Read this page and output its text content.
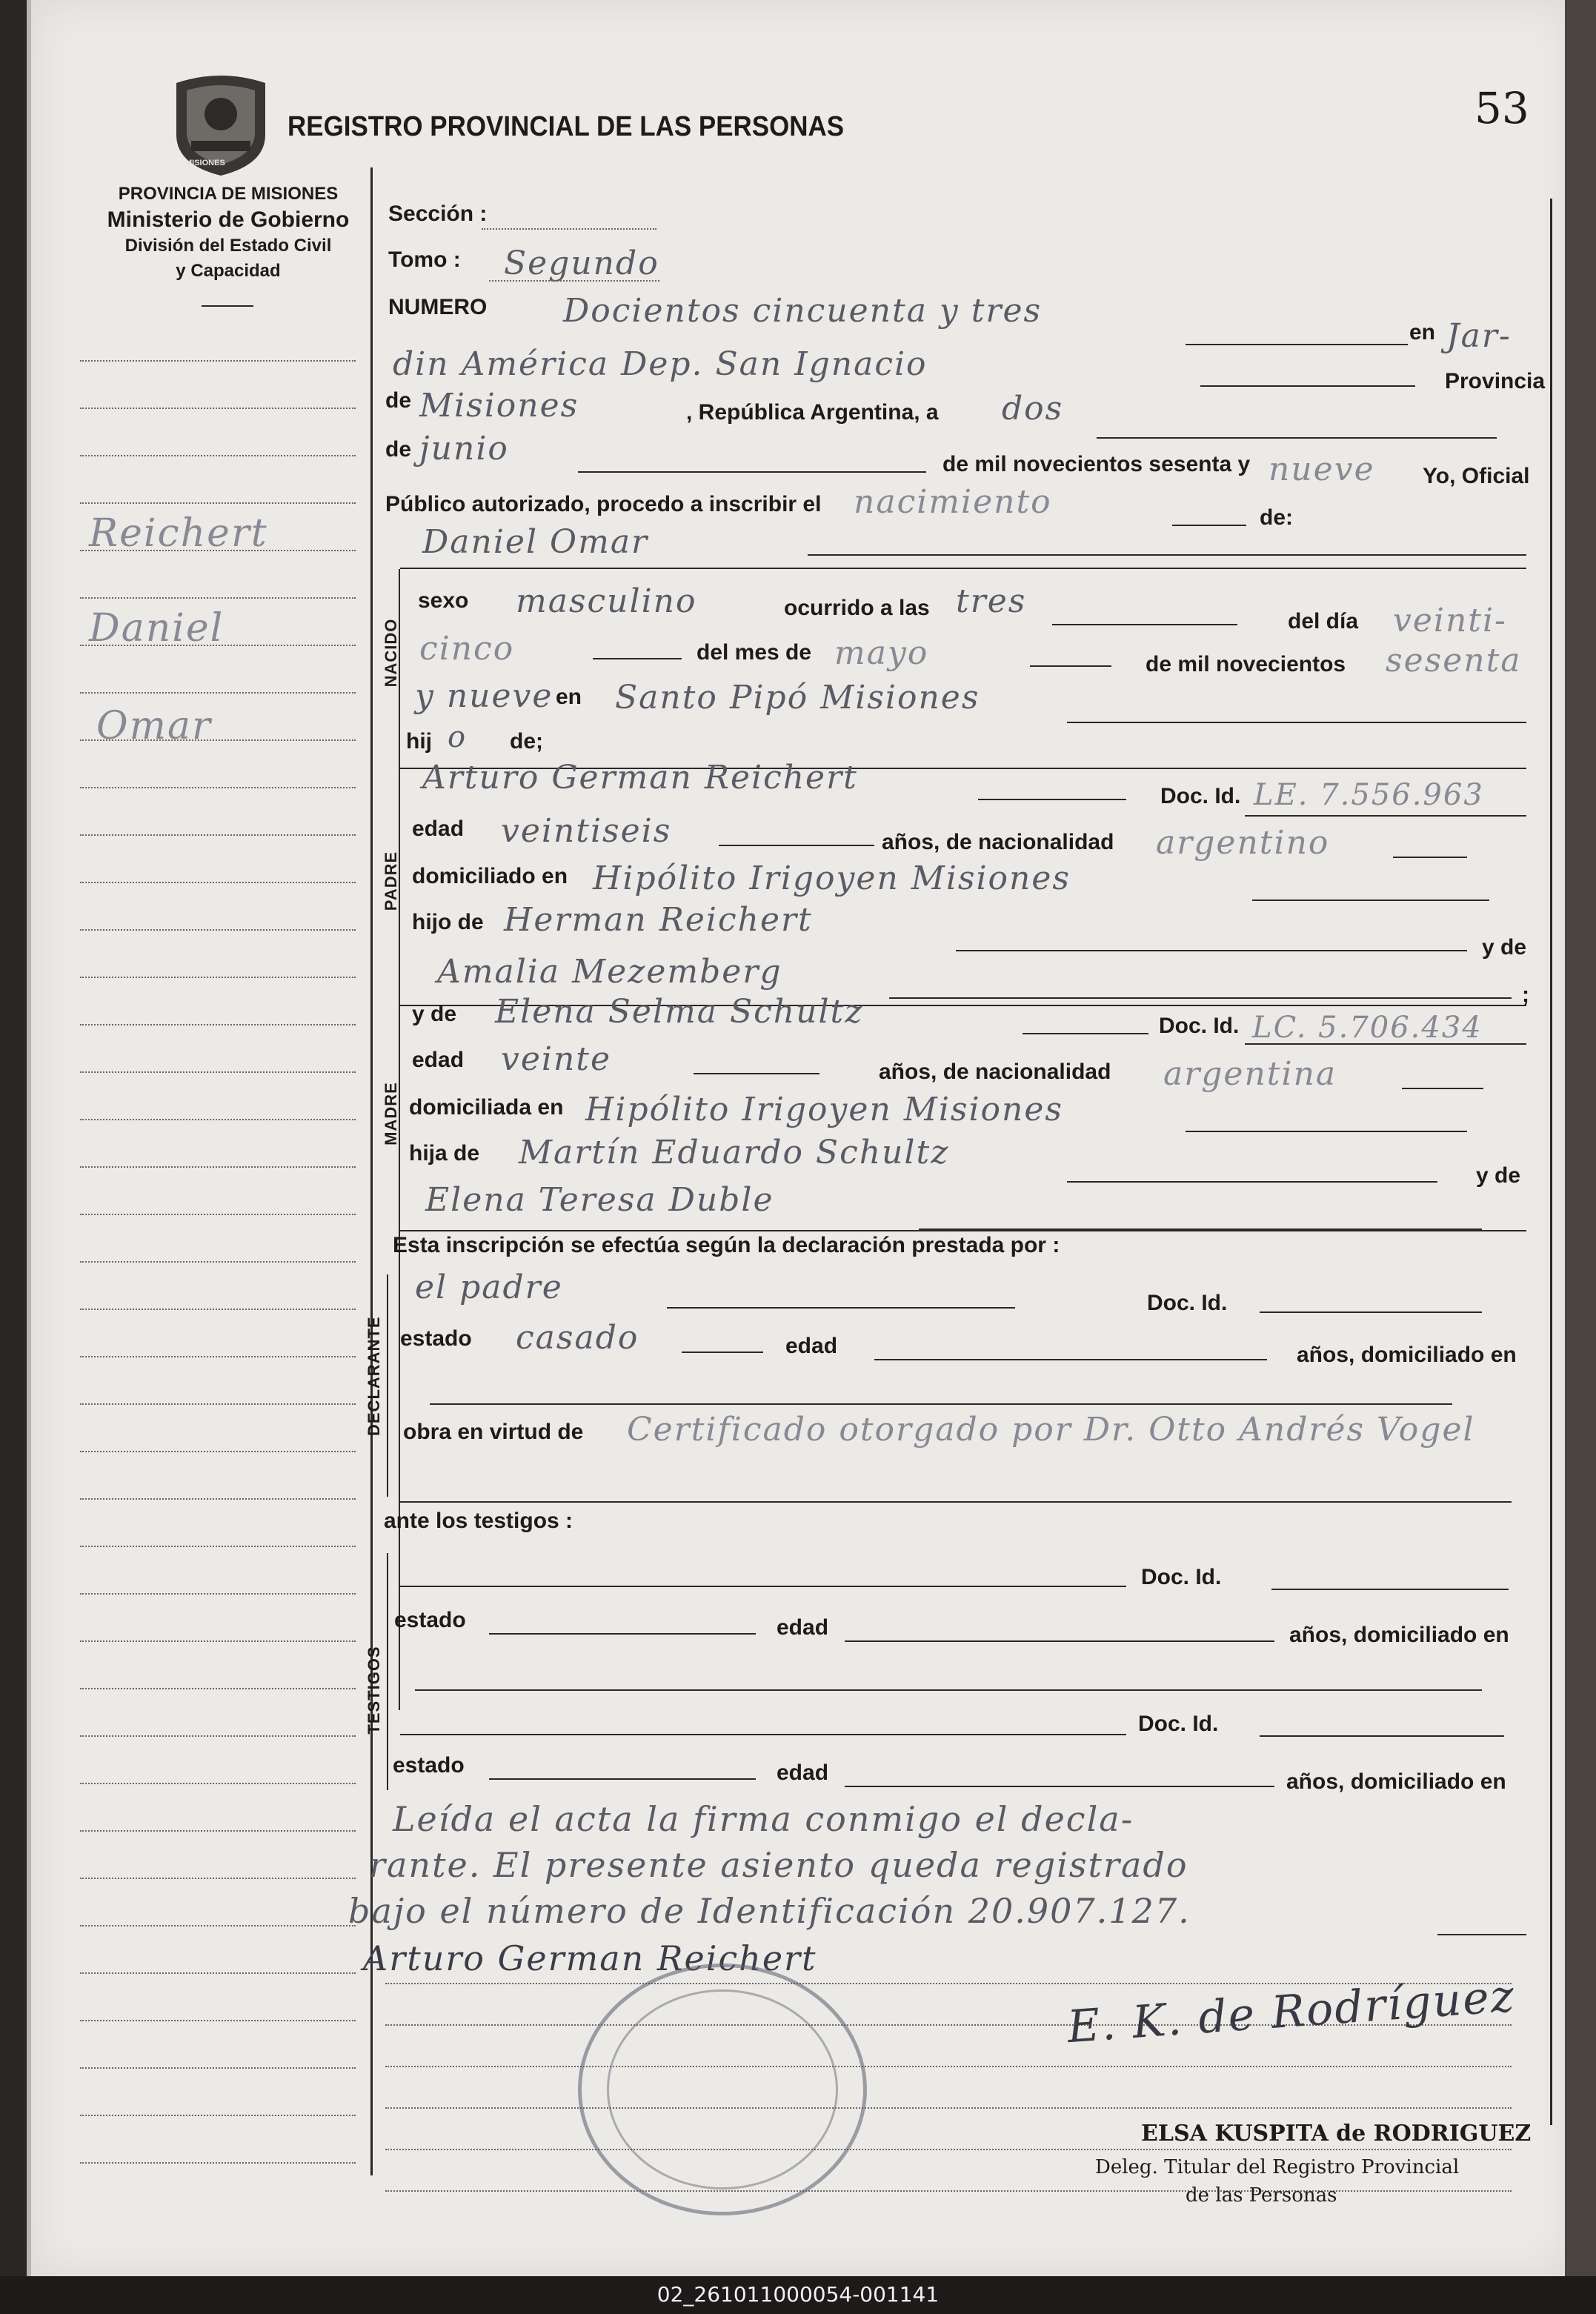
MISIONES
REGISTRO PROVINCIAL DE LAS PERSONAS	53
PROVINCIA DE MISIONES
Ministerio de Gobierno
División del Estado Civil
y Capacidad
Reichert
Daniel
Omar
Sección :
Tomo : Segundo
NUMERO Docientos cincuenta y tres
en Jar-
din América Dep. San Ignacio	Provincia
de Misiones	, República Argentina, a dos
de junio	de mil novecientos sesenta y nueve Yo, Oficial
Público autorizado, procedo a inscribir el nacimiento	de:
NACIDO
Daniel Omar
sexo masculino	ocurrido a las tres
del día veinti-
cinco	del mes de mayo	de mil novecientos sesenta
y nueve en Santo Pipó Misiones
hij o de;
PADRE
Arturo German Reichert	Doc. Id. LE. 7.556.963
edad veintiseis	años, de nacionalidad argentino
domiciliado en Hipólito Irigoyen Misiones
hijo de Herman Reichert
y de
Amalia Mezemberg
;
MADRE
y de Elena Selma Schultz	Doc. Id. LC. 5.706.434
edad veinte	años, de nacionalidad argentina
domiciliada en Hipólito Irigoyen Misiones
hija de Martín Eduardo Schultz
y de
Elena Teresa Duble
Esta inscripción se efectúa según la declaración prestada por :
DECLARANTE
el padre	Doc. Id.
estado casado	edad	años, domiciliado en
obra en virtud de Certificado otorgado por Dr. Otto Andrés Vogel
ante los testigos :
TESTIGOS
Doc. Id.
estado	edad	años, domiciliado en
Doc. Id.
estado	edad	años, domiciliado en
Leída el acta la firma conmigo el decla-
rante. El presente asiento queda registrado
bajo el número de Identificación 20.907.127.
Arturo German Reichert
E. K. de Rodríguez
ELSA KUSPITA de RODRIGUEZ
Deleg. Titular del Registro Provincial
de las Personas
02_261011000054-001141
